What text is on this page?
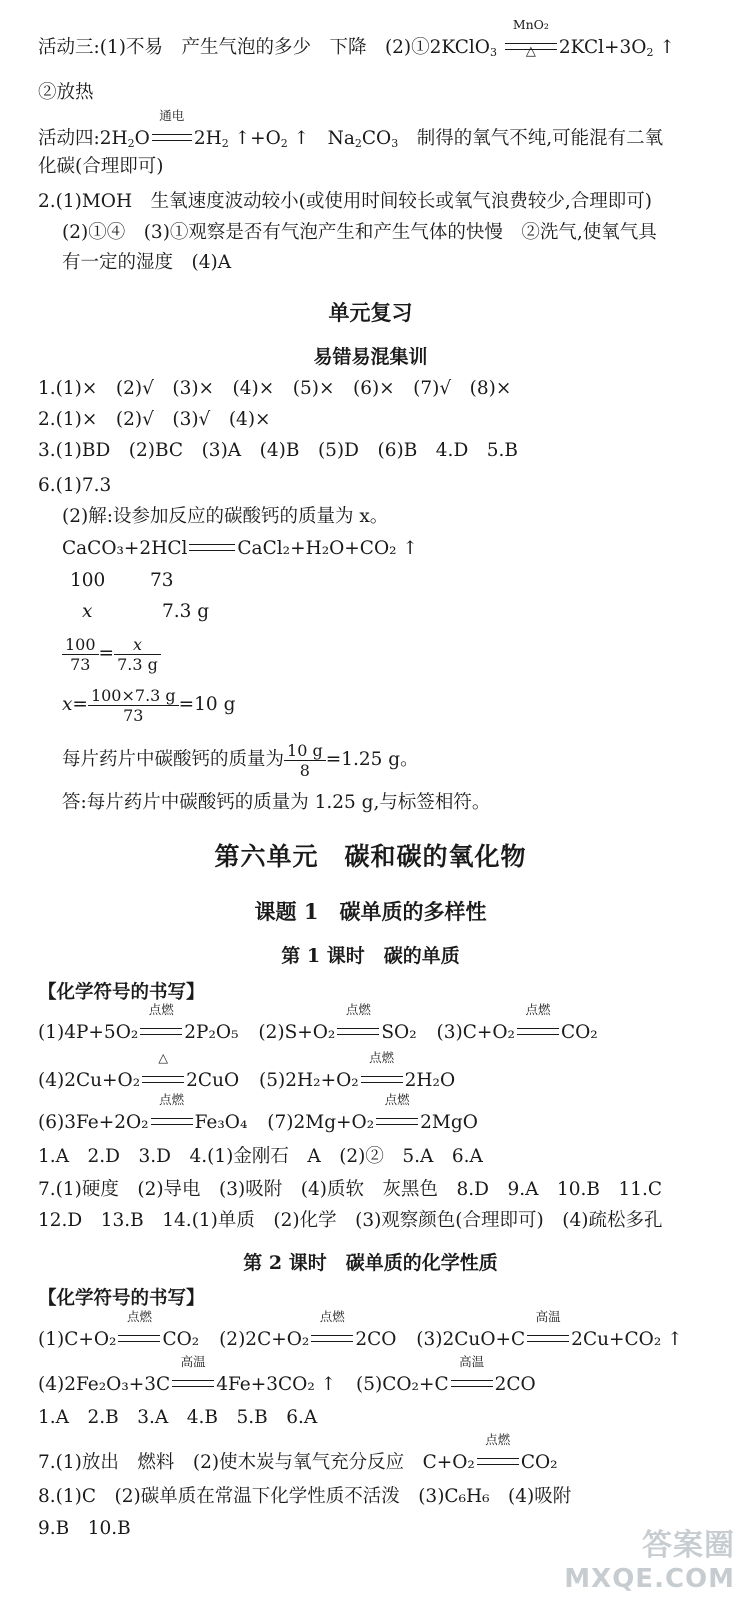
活动三:(1)不易　产生气泡的多少　下降　(2)①2KClO$_3$
MnO₂
△	$2KCl+3O_2$ ↑
②放热
活动四$:2H_2O$
通电
$2H_2$ $↑+O_2$ ↑　$Na_2CO_3$　制得的氧气不纯,可能混有二氧
化碳(合理即可)
2.(1)MOH　生氧速度波动较小(或使用时间较长或氧气浪费较少,合理即可)
(2)①④　(3)①观察是否有气泡产生和产生气体的快慢　②洗气,使氧气具
有一定的湿度　(4)A
单元复习
易错易混集训
1.(1)×　(2)√　(3)×　(4)×　(5)×　(6)×　(7)√　(8)×
2.(1)×　(2)√　(3)√　(4)×
3.(1)BD　(2)BC　(3)A　(4)B　(5)D　(6)B　4.D　5.B
6.(1)7.3
(2)解:设参加反应的碳酸钙的质量为 x。
CaCO₃+2HCl	CaCl₂+H₂O+CO₂ ↑
100 73
x	7.3 g
$\frac{100}{73} = \frac{x}{7.3 g}$
$x= \frac{100\times 7.3 g}{73} =10$ g
每片药片中碳酸钙的质量为 $\frac{10 g}{8} =1.25$ g。
答:每片药片中碳酸钙的质量为 1.25 g,与标签相符。
第六单元　碳和碳的氧化物
课题 1　碳单质的多样性
第 1 课时　碳的单质
【化学符号的书写】
(1)4P+5O₂
点燃
2P₂O₅ (2)S+O₂
点燃
SO₂ (3)C+O₂
点燃
CO₂
(4)2Cu+O₂
△
2CuO (5)2H₂+O₂
点燃
2H₂O
(6)3Fe+2O₂
点燃
Fe₃O₄ (7)2Mg+O₂
点燃
2MgO
1.A　2.D　3.D　4.(1)金刚石　A　(2)②　5.A　6.A
7.(1)硬度　(2)导电　(3)吸附　(4)质软　灰黑色　8.D　9.A　10.B　11.C
12.D　13.B　14.(1)单质　(2)化学　(3)观察颜色(合理即可)　(4)疏松多孔
第 2 课时　碳单质的化学性质
【化学符号的书写】
(1)C+O₂
点燃
CO₂ (2)2C+O₂
点燃
2CO (3)2CuO+C
高温
2Cu+CO₂ ↑
(4)2Fe₂O₃+3C
高温
4Fe+3CO₂ ↑ (5)CO₂+C
高温
2CO
1.A　2.B　3.A　4.B　5.B　6.A
7.(1)放出　燃料　(2)使木炭与氧气充分反应　C+O₂
点燃
CO₂
8.(1)C　(2)碳单质在常温下化学性质不活泼　(3)C₆H₆　(4)吸附
9.B　10.B	答案圈
MXQE.COM
